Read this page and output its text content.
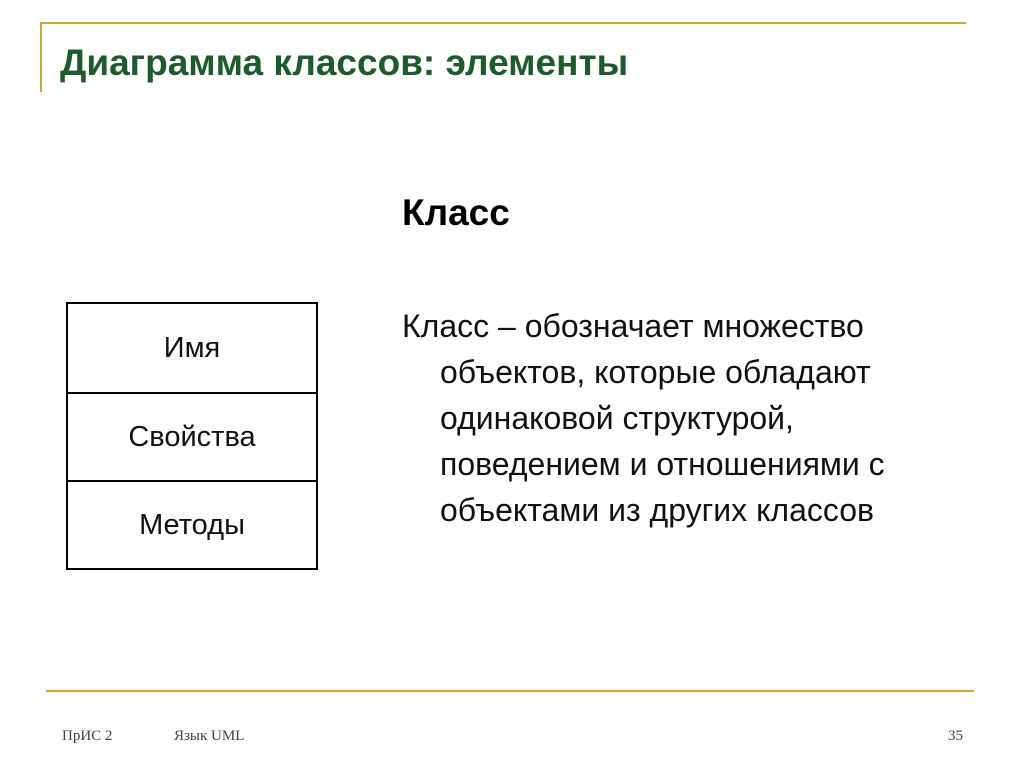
Диаграмма классов: элементы
Имя
Свойства
Методы
Класс
Класс – обозначает множество объектов, которые обладают одинаковой структурой, поведением и отношениями с объектами из других классов
ПрИС 2	Язык UML	35
